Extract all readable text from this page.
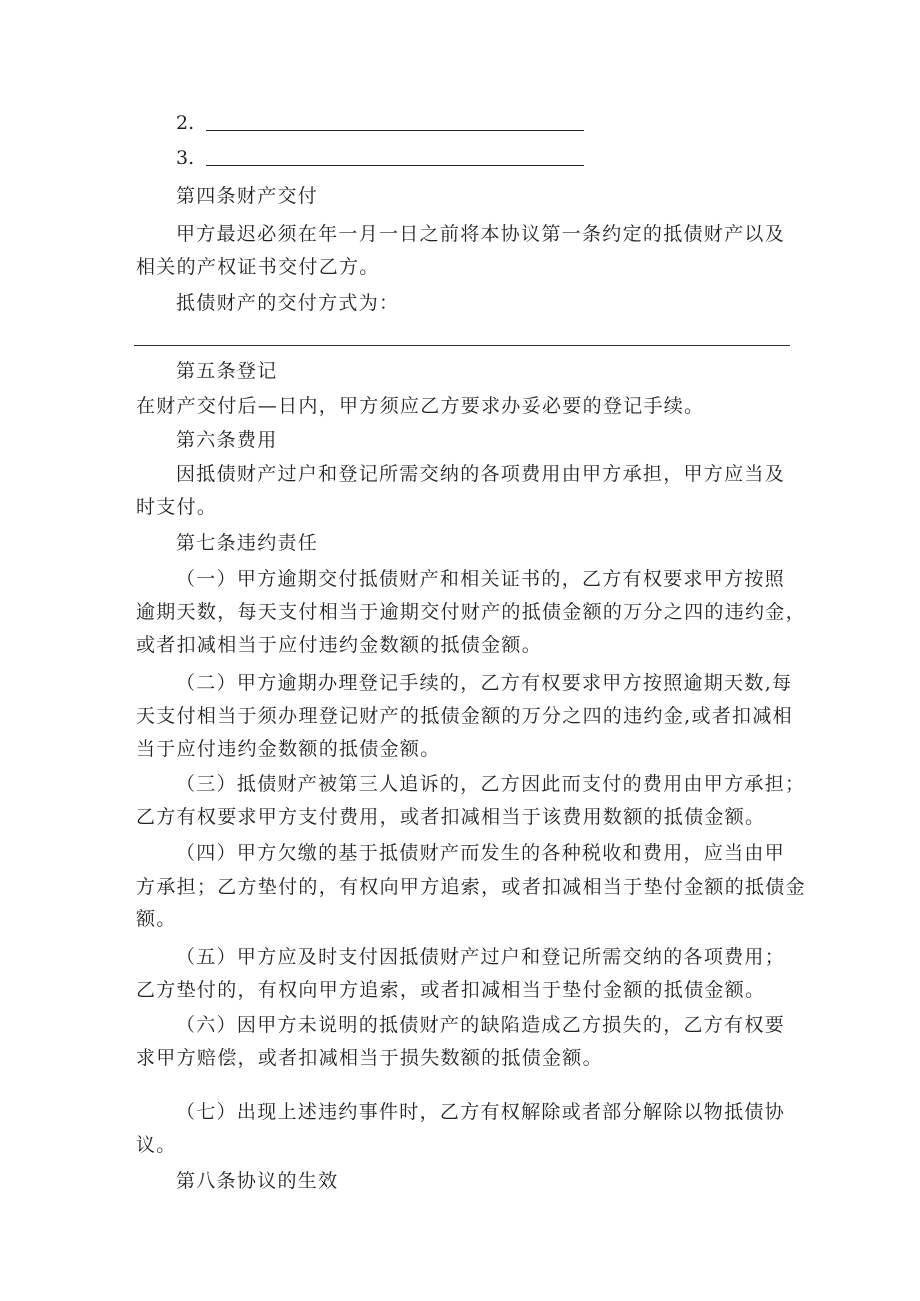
2.
3.
第四条财产交付
甲方最迟必须在年一月一日之前将本协议第一条约定的抵债财产以及
相关的产权证书交付乙方。
抵债财产的交付方式为：
第五条登记
在财产交付后—日内，甲方须应乙方要求办妥必要的登记手续。
第六条费用
因抵债财产过户和登记所需交纳的各项费用由甲方承担，甲方应当及
时支付。
第七条违约责任
（一）甲方逾期交付抵债财产和相关证书的，乙方有权要求甲方按照
逾期天数，每天支付相当于逾期交付财产的抵债金额的万分之四的违约金，
或者扣减相当于应付违约金数额的抵债金额。
（二）甲方逾期办理登记手续的，乙方有权要求甲方按照逾期天数,每
天支付相当于须办理登记财产的抵债金额的万分之四的违约金,或者扣减相
当于应付违约金数额的抵债金额。
（三）抵债财产被第三人追诉的，乙方因此而支付的费用由甲方承担；
乙方有权要求甲方支付费用，或者扣减相当于该费用数额的抵债金额。
（四）甲方欠缴的基于抵债财产而发生的各种税收和费用，应当由甲
方承担；乙方垫付的，有权向甲方追索，或者扣减相当于垫付金额的抵债金
额。
（五）甲方应及时支付因抵债财产过户和登记所需交纳的各项费用；
乙方垫付的，有权向甲方追索，或者扣减相当于垫付金额的抵债金额。
（六）因甲方未说明的抵债财产的缺陷造成乙方损失的，乙方有权要
求甲方赔偿，或者扣减相当于损失数额的抵债金额。
（七）出现上述违约事件时，乙方有权解除或者部分解除以物抵债协
议。
第八条协议的生效
